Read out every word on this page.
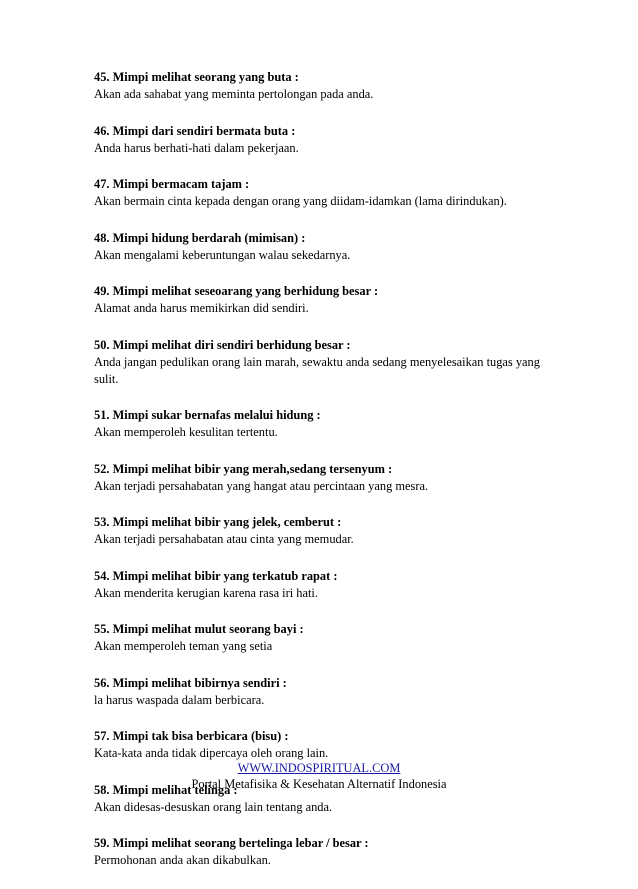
45. Mimpi melihat seorang yang buta :
Akan ada sahabat yang meminta pertolongan pada anda.
46. Mimpi dari sendiri bermata buta :
Anda harus berhati-hati dalam pekerjaan.
47. Mimpi bermacam tajam :
Akan bermain cinta kepada dengan orang yang diidam-idamkan (lama dirindukan).
48. Mimpi hidung berdarah (mimisan) :
Akan mengalami keberuntungan walau sekedarnya.
49. Mimpi melihat seseoarang yang berhidung besar :
Alamat anda harus memikirkan did sendiri.
50. Mimpi melihat diri sendiri berhidung besar :
Anda jangan pedulikan orang lain marah, sewaktu anda sedang menyelesaikan tugas yang sulit.
51. Mimpi sukar bernafas melalui hidung :
Akan memperoleh kesulitan tertentu.
52. Mimpi melihat bibir yang merah,sedang tersenyum :
Akan terjadi persahabatan yang hangat atau percintaan yang mesra.
53. Mimpi melihat bibir yang jelek, cemberut :
Akan terjadi persahabatan atau cinta yang memudar.
54. Mimpi melihat bibir yang terkatub rapat :
Akan menderita kerugian karena rasa iri hati.
55. Mimpi melihat mulut seorang bayi :
Akan memperoleh teman yang setia
56. Mimpi melihat bibirnya sendiri :
la harus waspada dalam berbicara.
57. Mimpi tak bisa berbicara (bisu) :
Kata-kata anda tidak dipercaya oleh orang lain.
58. Mimpi melihat telinga :
Akan didesas-desuskan orang lain tentang anda.
59. Mimpi melihat seorang bertelinga lebar / besar :
Permohonan anda akan dikabulkan.
WWW.INDOSPIRITUAL.COM
Portal Metafisika & Kesehatan Alternatif Indonesia
